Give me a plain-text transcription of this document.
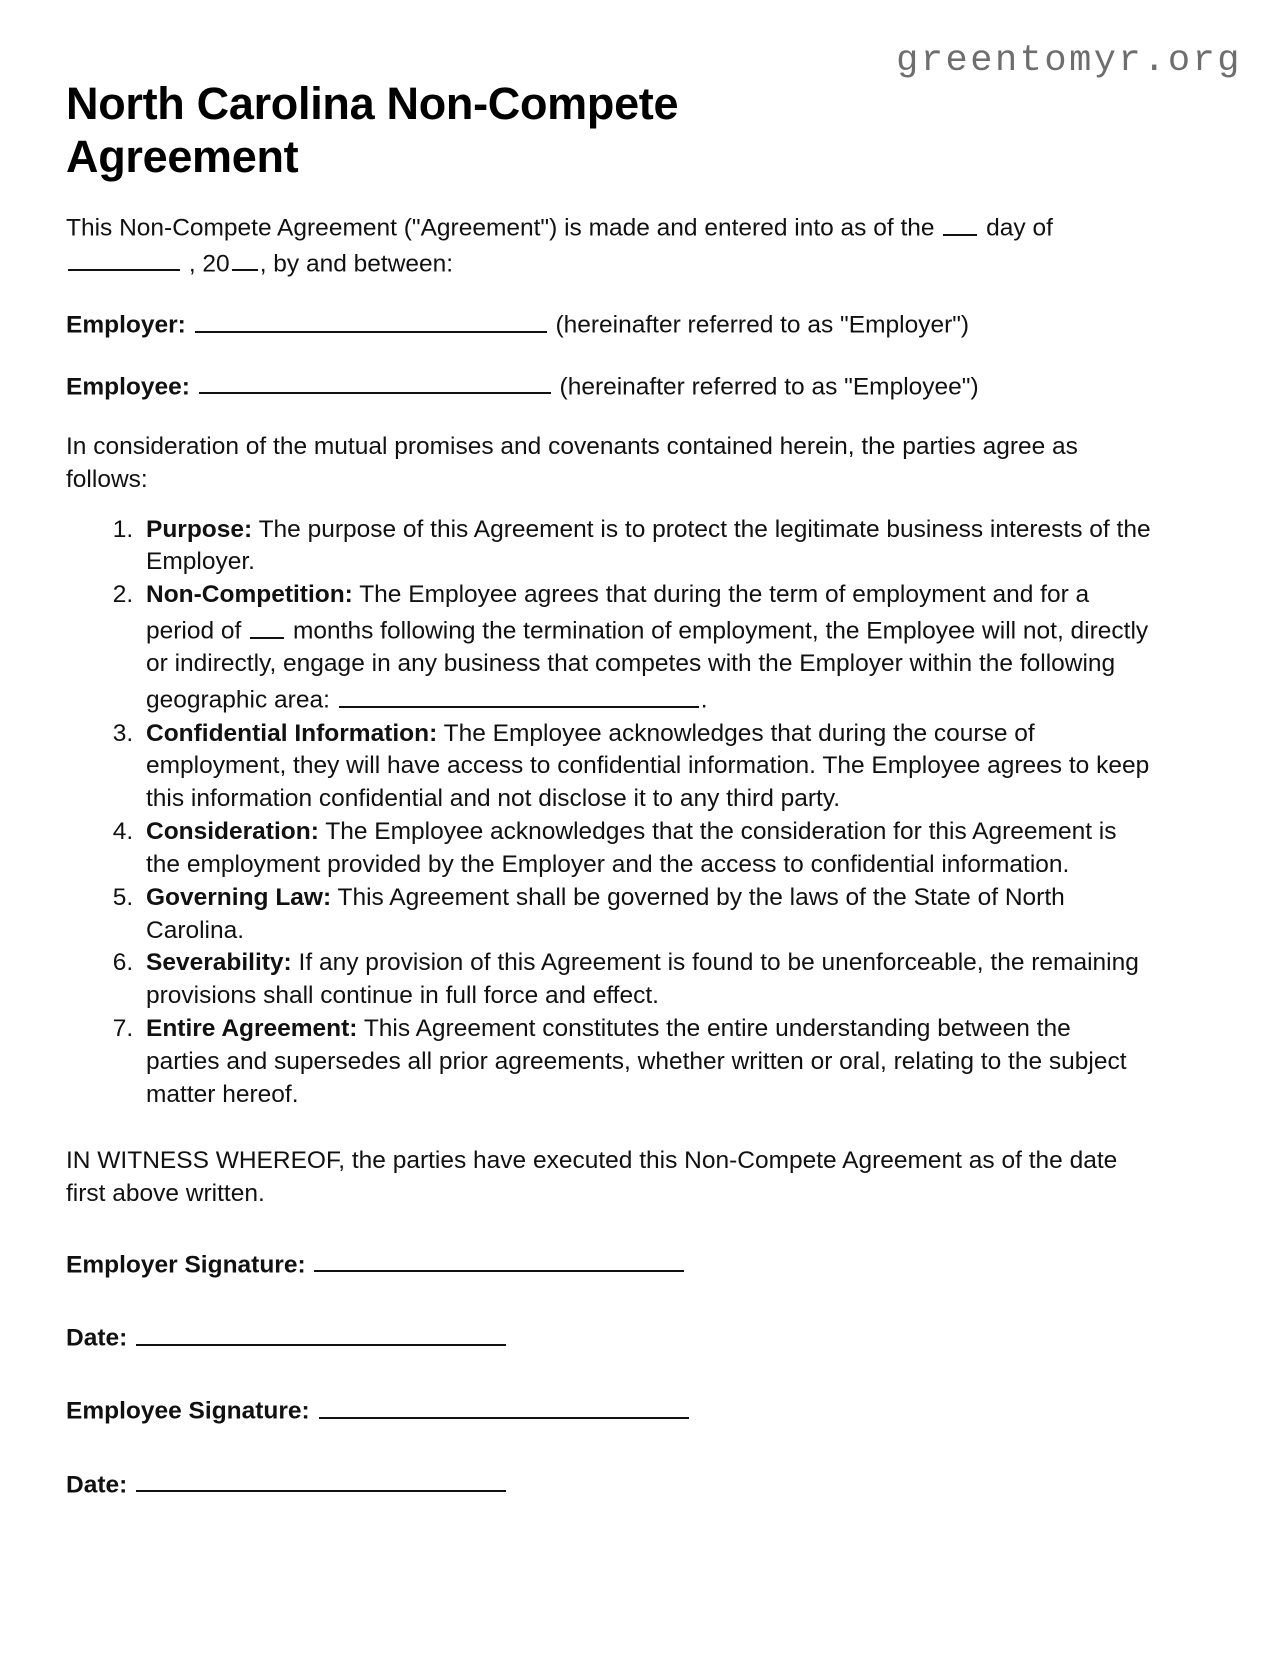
greentomyr.org
North Carolina Non-Compete Agreement

This Non-Compete Agreement ("Agreement") is made and entered into as of the day of  , 20 , by and between:

Employer:	(hereinafter referred to as "Employer")

Employee:	(hereinafter referred to as "Employee")

In consideration of the mutual promises and covenants contained herein, the parties agree as follows:

1. Purpose: The purpose of this Agreement is to protect the legitimate business interests of the Employer.
2. Non-Competition: The Employee agrees that during the term of employment and for a period of months following the termination of employment, the Employee will not, directly or indirectly, engage in any business that competes with the Employer within the following geographic area:	.
3. Confidential Information: The Employee acknowledges that during the course of employment, they will have access to confidential information. The Employee agrees to keep this information confidential and not disclose it to any third party.
4. Consideration: The Employee acknowledges that the consideration for this Agreement is the employment provided by the Employer and the access to confidential information.
5. Governing Law: This Agreement shall be governed by the laws of the State of North Carolina.
6. Severability: If any provision of this Agreement is found to be unenforceable, the remaining provisions shall continue in full force and effect.
7. Entire Agreement: This Agreement constitutes the entire understanding between the parties and supersedes all prior agreements, whether written or oral, relating to the subject matter hereof.

IN WITNESS WHEREOF, the parties have executed this Non-Compete Agreement as of the date first above written.

Employer Signature:
Date:
Employee Signature:
Date:
